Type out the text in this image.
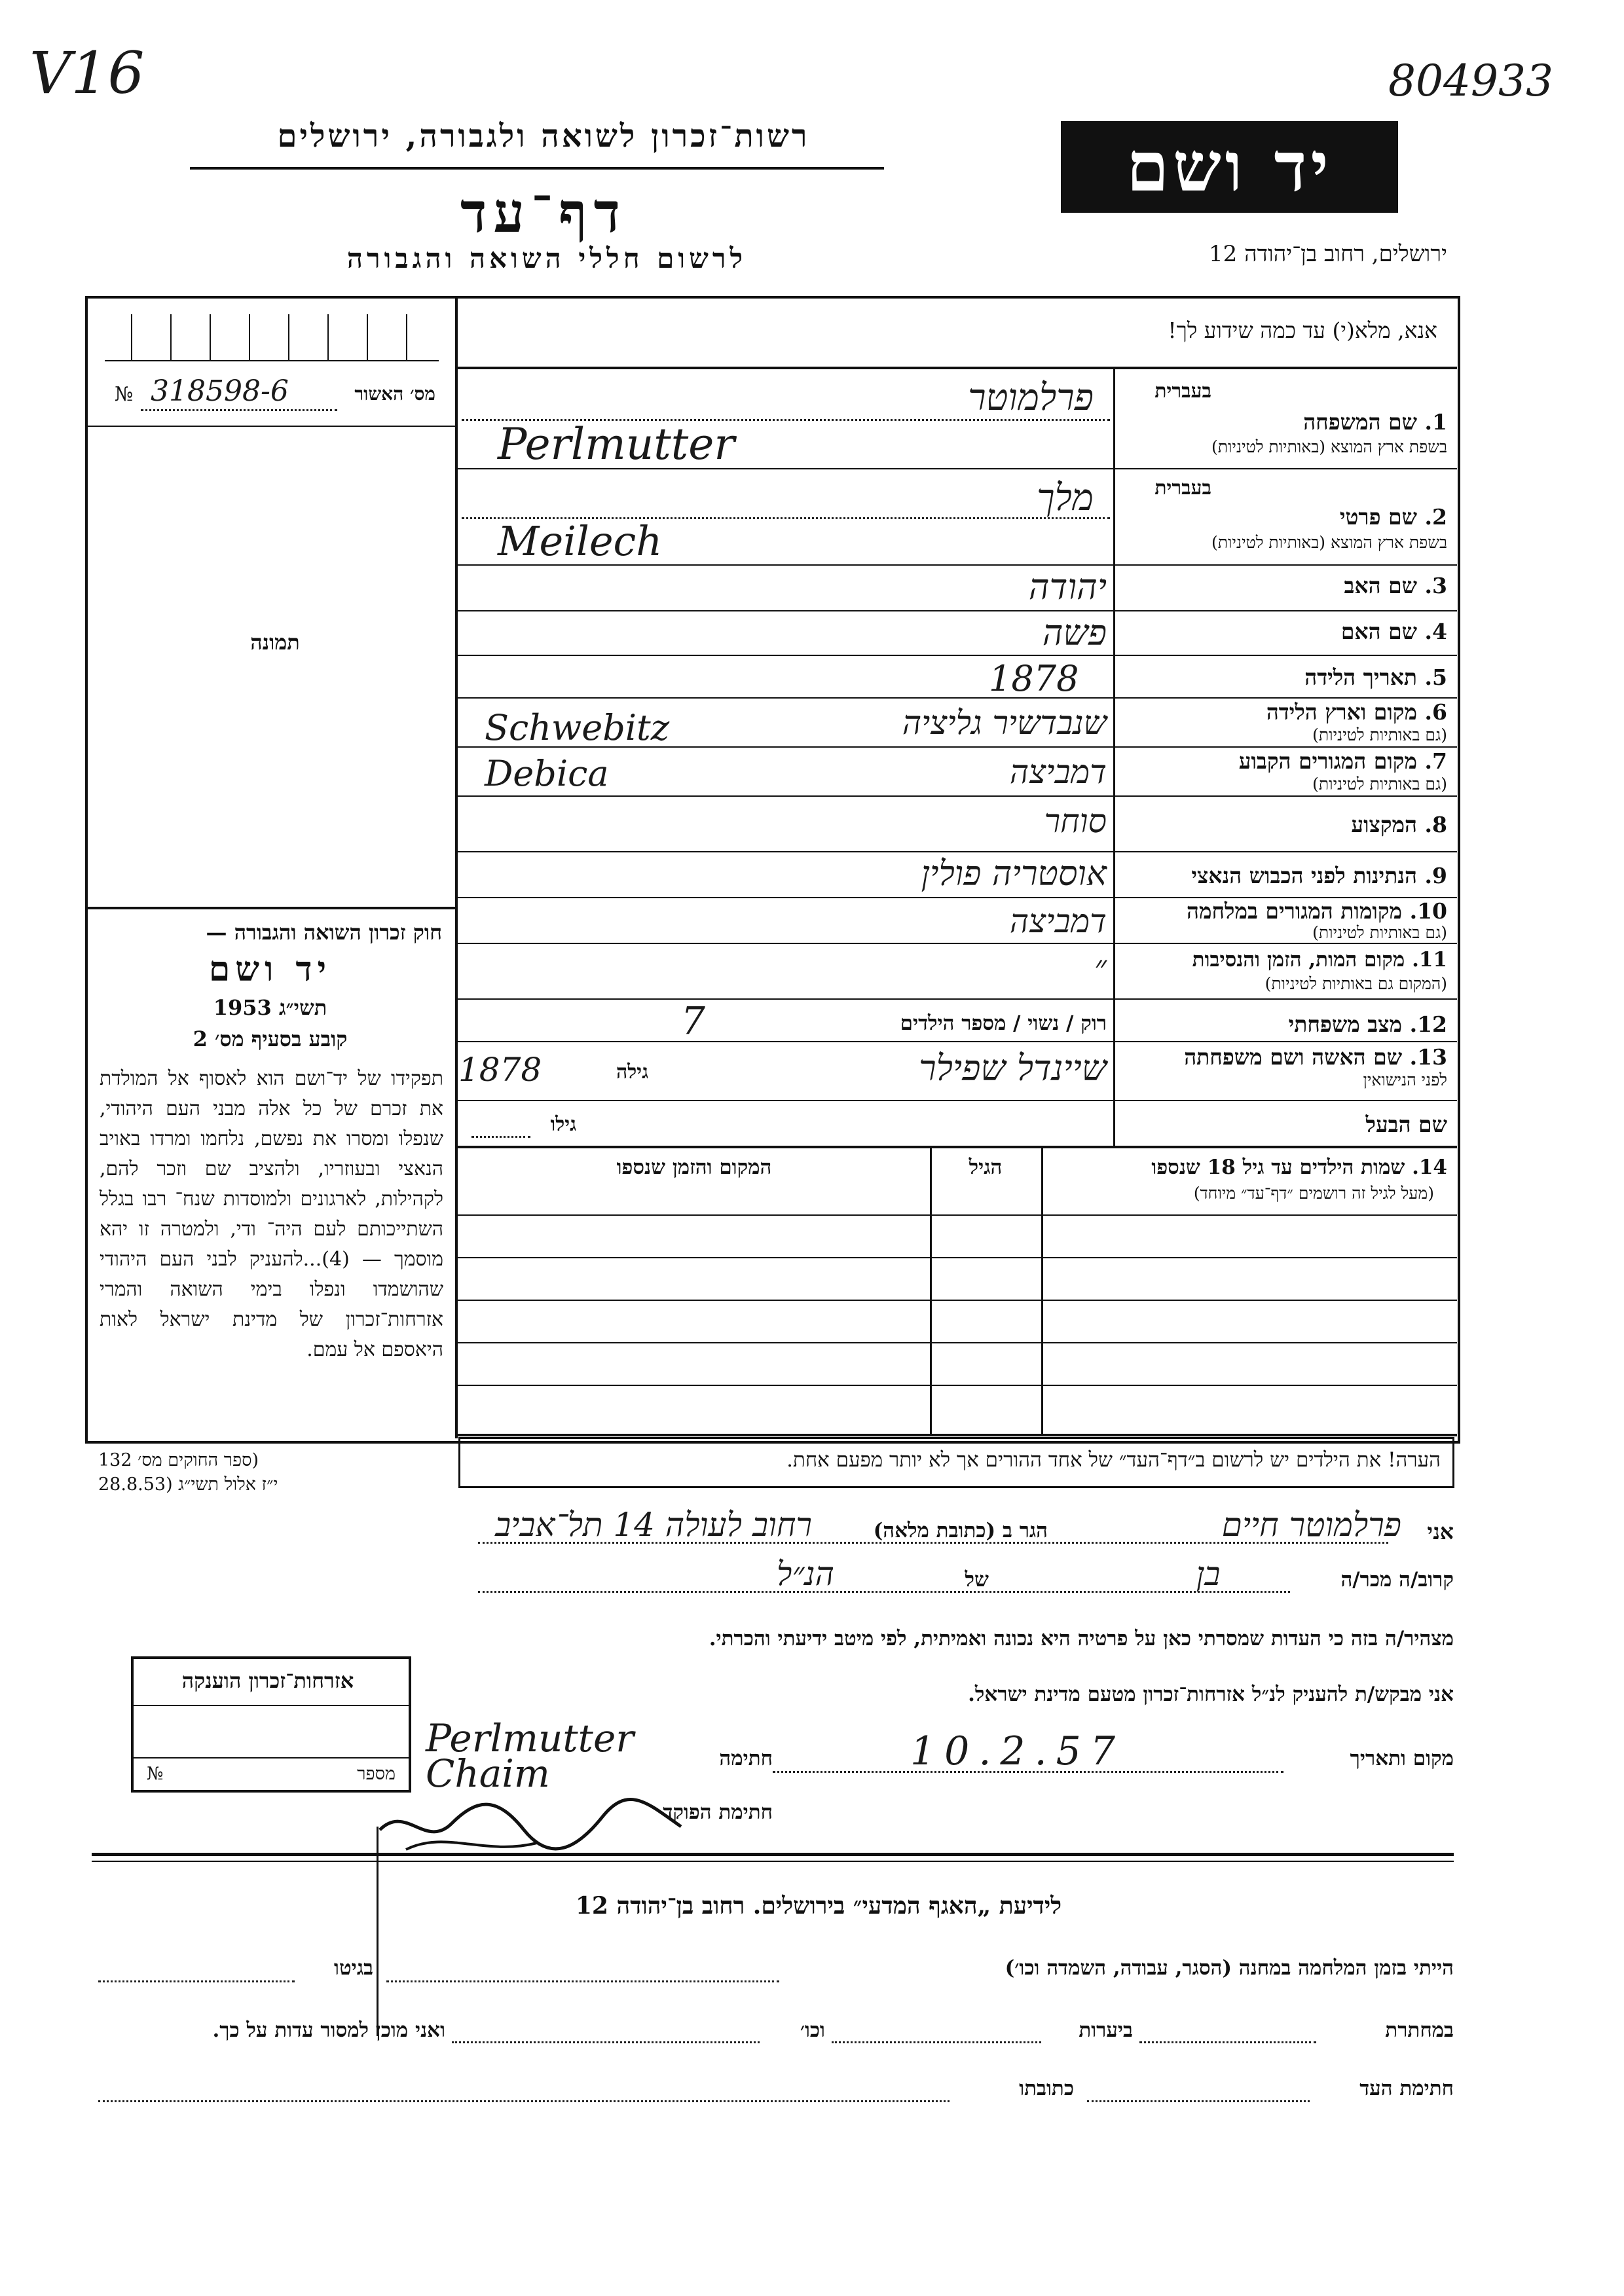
V16	804933
רשות־זכרון לשואה ולגבורה, ירושלים
דף־עד
לרשום חללי השואה והגבורה
יד ושם
ירושלים, רחוב בן־יהודה 12
אנא, מלא(י) עד כמה שידוע לך!
מס׳ האשור
№ 318598-6
תמונה
חוק זכרון השואה והגבורה —
יד ושם
תשי״ג 1953
קובע בסעיף מס׳ 2
תפקידו של יד־ושם הוא לאסוף אל המולדת את זכרם של כל אלה מבני העם היהודי, שנפלו ומסרו את נפשם, נלחמו ומרדו באויב הנאצי ובעוזריו, ולהציב שם וזכר להם, לקהילות, לארגונים ולמוסדות שנח־ רבו בגלל השתייכותם לעם היה־ ודי, ולמטרה זו יהא מוסמך — (4)...להעניק לבני העם היהודי שהושמדו ונפלו בימי השואה והמרי אזרחות־זכרון של מדינת ישראל לאות היאספם אל עמם.
(ספר החוקים מס׳ 132
י״ז אלול תשי״ג (28.8.53
בעברית
1. שם המשפחה
בשפת ארץ המוצא (באותיות לטיניות)
פרלמוטר
Perlmutter
בעברית
2. שם פרטי
בשפת ארץ המוצא (באותיות לטיניות)
מלך
Meilech
3. שם האב
יהודה
4. שם האם
פשה
5. תאריך הלידה
1878
6. מקום וארץ הלידה
(גם באותיות לטיניות)
שנבדשיר גליציה
Schwebitz
7. מקום המגורים הקבוע
(גם באותיות לטיניות)
דמביצה
Debica
8. המקצוע
סוחר
9. הנתינות לפני הכבוש הנאצי
אוסטריה פולין
10. מקומות המגורים במלחמה
(גם באותיות לטיניות)
דמביצה
11. מקום המות, הזמן והנסיבות
(המקום גם באותיות לטיניות)
״
12. מצב משפחתי
רוק / נשוי / מספר הילדים
7
13. שם האשה ושם משפחתה
לפני הנישואין
שיינדל שפילר
גילה
1878
שם הבעל
גילו
14. שמות הילדים עד גיל 18 שנספו
(מעל לגיל זה רושמים ״דף־עד״ מיוחד)
הגיל
המקום והזמן שנספו
הערה! את הילדים יש לרשום ב״דף־העד״ של אחד ההורים אך לא יותר מפעם אחת.
אני
פרלמוטר חיים
הגר ב (כתובת מלאה)
רחוב לעולה 14 תל־אביב
קרוב/ה מכר/ה
בן
של
הנ״ל
מצהיר/ה בזה כי העדות שמסרתי כאן על פרטיה היא נכונה ואמיתית, לפי מיטב ידיעתי והכרתי.
אני מבקש/ת להעניק לנ״ל אזרחות־זכרון מטעם מדינת ישראל.
מקום ותאריך
10.2.57
חתימה
Perlmutter Chaim
חתימת הפוקד
אזרחות־זכרון הוענקה
מספר
№
לידיעת „האגף המדעי״ בירושלים. רחוב בן־יהודה 12
הייתי בזמן המלחמה במחנה (הסגר, עבודה, השמדה וכו׳)
בגיטו
במחתרת
ביערות
וכו׳
ואני מוכן למסור עדות על כך.
חתימת העד
כתובתו
